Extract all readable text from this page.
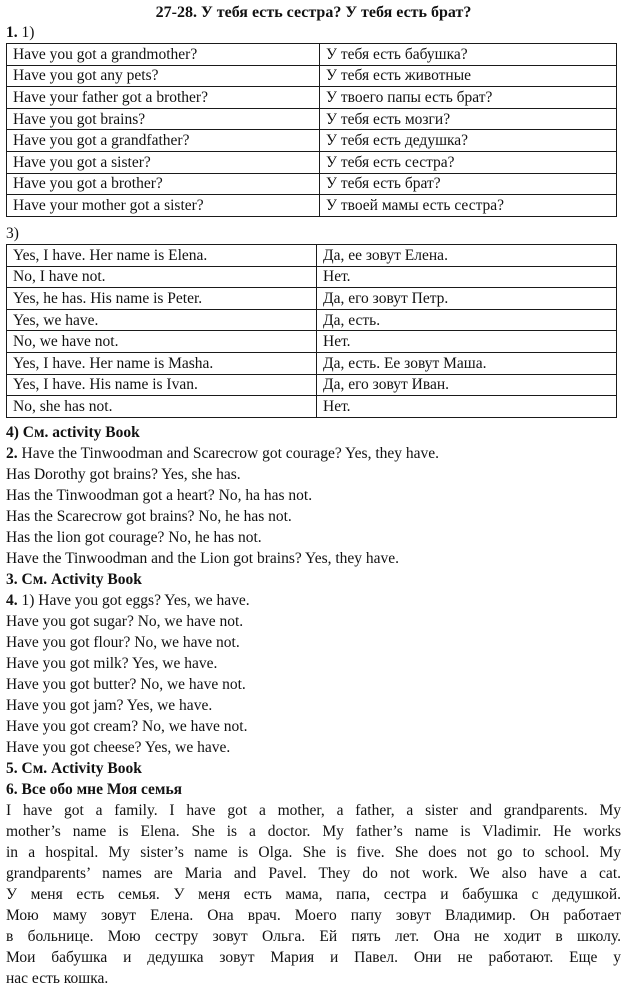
27-28. У тебя есть сестра? У тебя есть брат?
1. 1)
Have you got a grandmother?	У тебя есть бабушка?
Have you got any pets?	У тебя есть животные
Have your father got a brother?	У твоего папы есть брат?
Have you got brains?	У тебя есть мозги?
Have you got a grandfather?	У тебя есть дедушка?
Have you got a sister?	У тебя есть сестра?
Have you got a brother?	У тебя есть брат?
Have your mother got a sister?	У твоей мамы есть сестра?
3)
Yes, I have. Her name is Elena.	Да, ее зовут Елена.
No, I have not.	Нет.
Yes, he has. His name is Peter.	Да, его зовут Петр.
Yes, we have.	Да, есть.
No, we have not.	Нет.
Yes, I have. Her name is Masha.	Да, есть. Ее зовут Маша.
Yes, I have. His name is Ivan.	Да, его зовут Иван.
No, she has not.	Нет.
4) См. activity Book
2. Have the Tinwoodman and Scarecrow got courage? Yes, they have.
Has Dorothy got brains? Yes, she has.
Has the Tinwoodman got a heart? No, ha has not.
Has the Scarecrow got brains? No, he has not.
Has the lion got courage? No, he has not.
Have the Tinwoodman and the Lion got brains? Yes, they have.
3. См. Activity Book
4. 1) Have you got eggs? Yes, we have.
Have you got sugar? No, we have not.
Have you got flour? No, we have not.
Have you got milk? Yes, we have.
Have you got butter? No, we have not.
Have you got jam? Yes, we have.
Have you got cream? No, we have not.
Have you got cheese? Yes, we have.
5. См. Activity Book
6. Все обо мне Моя семья
I have got a family. I have got a mother, a father, a sister and grandparents. My
mother’s name is Elena. She is a doctor. My father’s name is Vladimir. He works
in a hospital. My sister’s name is Olga. She is five. She does not go to school. My
grandparents’ names are Maria and Pavel. They do not work. We also have a cat.
У меня есть семья. У меня есть мама, папа, сестра и бабушка с дедушкой.
Мою маму зовут Елена. Она врач. Моего папу зовут Владимир. Он работает
в больнице. Мою сестру зовут Ольга. Ей пять лет. Она не ходит в школу.
Мои бабушка и дедушка зовут Мария и Павел. Они не работают. Еще у
нас есть кошка.
